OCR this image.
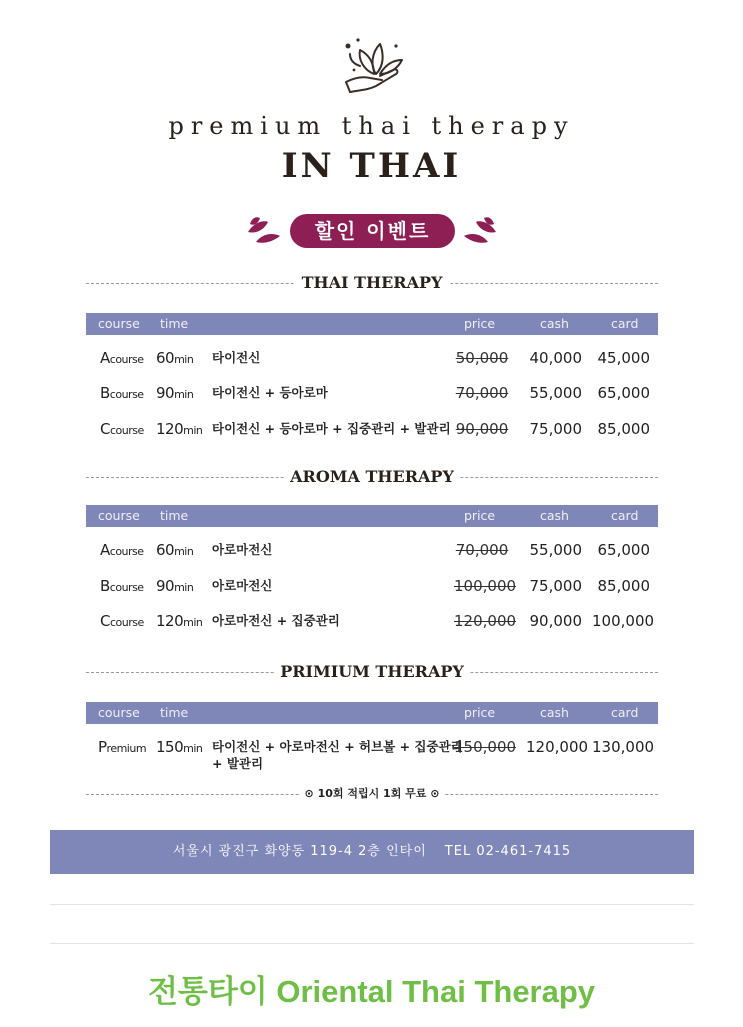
premium thai therapy
IN THAI
할인 이벤트
THAI THERAPY
course time	price	cash	card
Acourse 60min 타이전신	50,000 40,000	45,000
Bcourse 90min 타이전신 + 등아로마	70,000 55,000	65,000
Ccourse 120min 타이전신 + 등아로마 + 집중관리 + 발관리 90,000 75,000	85,000
AROMA THERAPY
course time	price	cash	card
Acourse 60min 아로마전신	70,000 55,000	65,000
Bcourse 90min 아로마전신	100,000 75,000	85,000
Ccourse 120min 아로마전신 + 집중관리	120,000 90,000 100,000
PRIMIUM THERAPY
course time	price	cash	card
Premium 150min 타이전신 + 아로마전신 + 허브볼 + 집중관리
+ 발관리
150,000 120,000 130,000
⊙ 10회 적립시 1회 무료 ⊙
서울시 광진구 화양동 119-4 2층 인타이 TEL 02-461-7415
전통타이 Oriental Thai Therapy
